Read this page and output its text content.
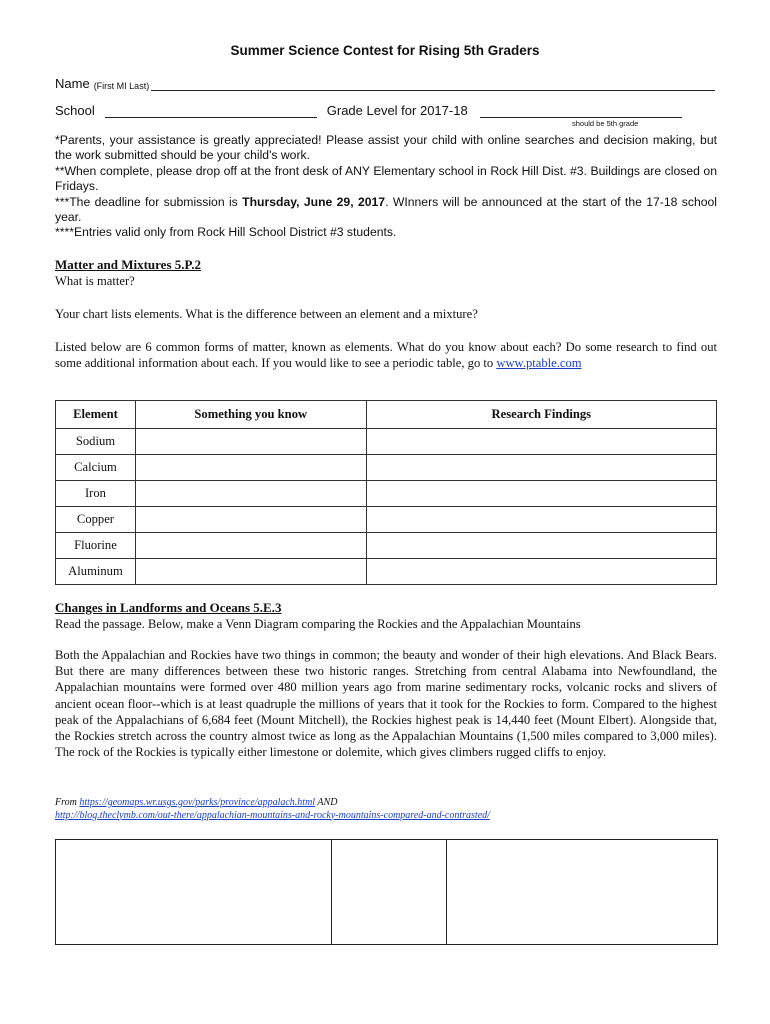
Summer Science Contest for Rising 5th Graders
Name (First MI Last)
School	Grade Level for 2017-18
should be 5th grade

*Parents, your assistance is greatly appreciated! Please assist your child with online searches and decision making, but the work submitted should be your child's work.

**When complete, please drop off at the front desk of ANY Elementary school in Rock Hill Dist. #3. Buildings are closed on Fridays.

***The deadline for submission is Thursday, June 29, 2017. WInners will be announced at the start of the 17-18 school year.

****Entries valid only from Rock Hill School District #3 students.

Matter and Mixtures 5.P.2
What is matter?
Your chart lists elements. What is the difference between an element and a mixture?

Listed below are 6 common forms of matter, known as elements. What do you know about each? Do some research to find out some additional information about each. If you would like to see a periodic table, go to www.ptable.com

Element	Something you know	Research Findings
Sodium		
Calcium		
Iron		
Copper		
Fluorine		
Aluminum		
Changes in Landforms and Oceans 5.E.3
Read the passage. Below, make a Venn Diagram comparing the Rockies and the Appalachian Mountains

Both the Appalachian and Rockies have two things in common; the beauty and wonder of their high elevations. And Black Bears. But there are many differences between these two historic ranges. Stretching from central Alabama into Newfoundland, the Appalachian mountains were formed over 480 million years ago from marine sedimentary rocks, volcanic rocks and slivers of ancient ocean floor--which is at least quadruple the millions of years that it took for the Rockies to form. Compared to the highest peak of the Appalachians of 6,684 feet (Mount Mitchell), the Rockies highest peak is 14,440 feet (Mount Elbert). Alongside that, the Rockies stretch across the country almost twice as long as the Appalachian Mountains (1,500 miles compared to 3,000 miles). The rock of the Rockies is typically either limestone or dolemite, which gives climbers rugged cliffs to enjoy.

From https://geomaps.wr.usgs.gov/parks/province/appalach.html AND
http://blog.theclymb.com/out-there/appalachian-mountains-and-rocky-mountains-compared-and-contrasted/
